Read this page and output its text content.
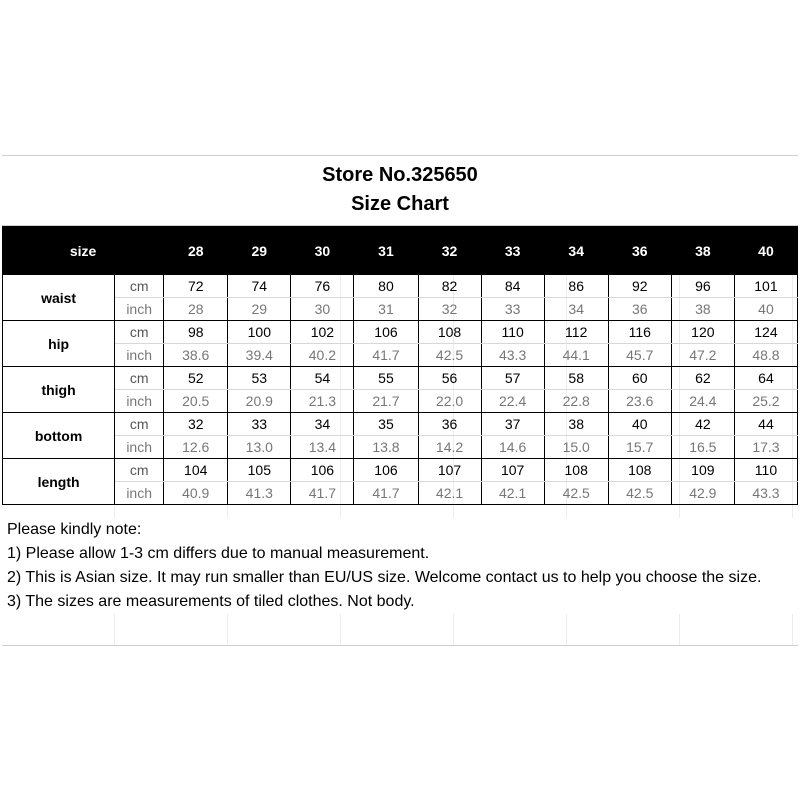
Store No.325650
Size Chart
size		28	29	30	31	32	33	34	36	38	40
waist	cm	72	74	76	80	82	84	86	92	96	101
	inch	28	29	30	31	32	33	34	36	38	40
hip	cm	98	100	102	106	108	110	112	116	120	124
	inch	38.6	39.4	40.2	41.7	42.5	43.3	44.1	45.7	47.2	48.8
thigh	cm	52	53	54	55	56	57	58	60	62	64
	inch	20.5	20.9	21.3	21.7	22.0	22.4	22.8	23.6	24.4	25.2
bottom	cm	32	33	34	35	36	37	38	40	42	44
	inch	12.6	13.0	13.4	13.8	14.2	14.6	15.0	15.7	16.5	17.3
length	cm	104	105	106	106	107	107	108	108	109	110
	inch	40.9	41.3	41.7	41.7	42.1	42.1	42.5	42.5	42.9	43.3
Please kindly note:
1) Please allow 1-3 cm differs due to manual measurement.
2) This is Asian size. It may run smaller than EU/US size. Welcome contact us to help you choose the size.
3) The sizes are measurements of tiled clothes. Not body.
